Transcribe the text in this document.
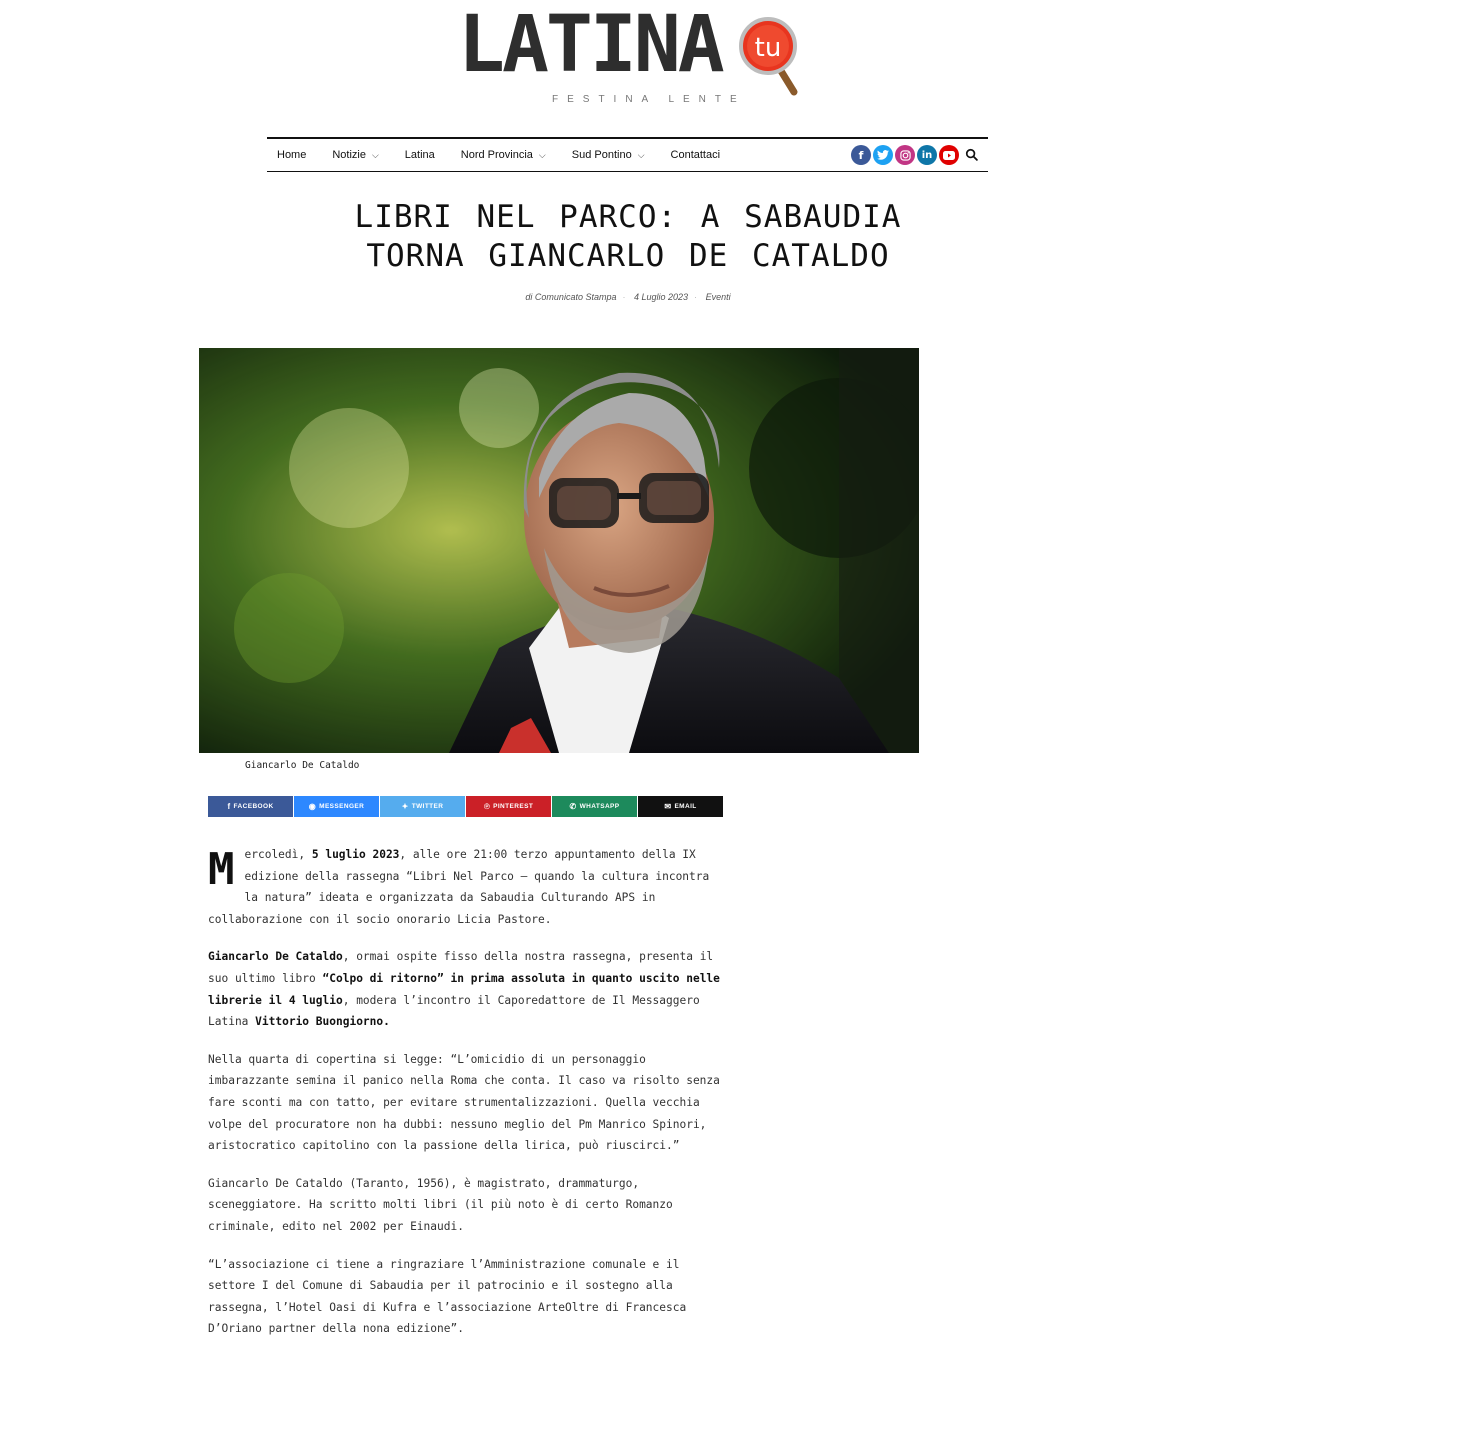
LATINA tu
FESTINA LENTE
Home Notizie ⌵ Latina Nord Provincia ⌵ Sud Pontino ⌵ Contattaci	f	in
LIBRI NEL PARCO: A SABAUDIA TORNA GIANCARLO DE CATALDO
di Comunicato Stampa · 4 Luglio 2023 · Eventi
Giancarlo De Cataldo
f FACEBOOK	◉ MESSENGER	✦ TWITTER	℗ PINTEREST	✆ WHATSAPP	✉ EMAIL

Mercoledì, 5 luglio 2023, alle ore 21:00 terzo appuntamento della IX edizione della rassegna “Libri Nel Parco – quando la cultura incontra la natura” ideata e organizzata da Sabaudia Culturando APS in collaborazione con il socio onorario Licia Pastore.

Giancarlo De Cataldo, ormai ospite fisso della nostra rassegna, presenta il suo ultimo libro “Colpo di ritorno” in prima assoluta in quanto uscito nelle librerie il 4 luglio, modera l’incontro il Caporedattore de Il Messaggero Latina Vittorio Buongiorno.

Nella quarta di copertina si legge: “L’omicidio di un personaggio imbarazzante semina il panico nella Roma che conta. Il caso va risolto senza fare sconti ma con tatto, per evitare strumentalizzazioni. Quella vecchia volpe del procuratore non ha dubbi: nessuno meglio del Pm Manrico Spinori, aristocratico capitolino con la passione della lirica, può riuscirci.”

Giancarlo De Cataldo (Taranto, 1956), è magistrato, drammaturgo, sceneggiatore. Ha scritto molti libri (il più noto è di certo Romanzo criminale, edito nel 2002 per Einaudi.

“L’associazione ci tiene a ringraziare l’Amministrazione comunale e il settore I del Comune di Sabaudia per il patrocinio e il sostegno alla rassegna, l’Hotel Oasi di Kufra e l’associazione ArteOltre di Francesca D’Oriano partner della nona edizione”.
